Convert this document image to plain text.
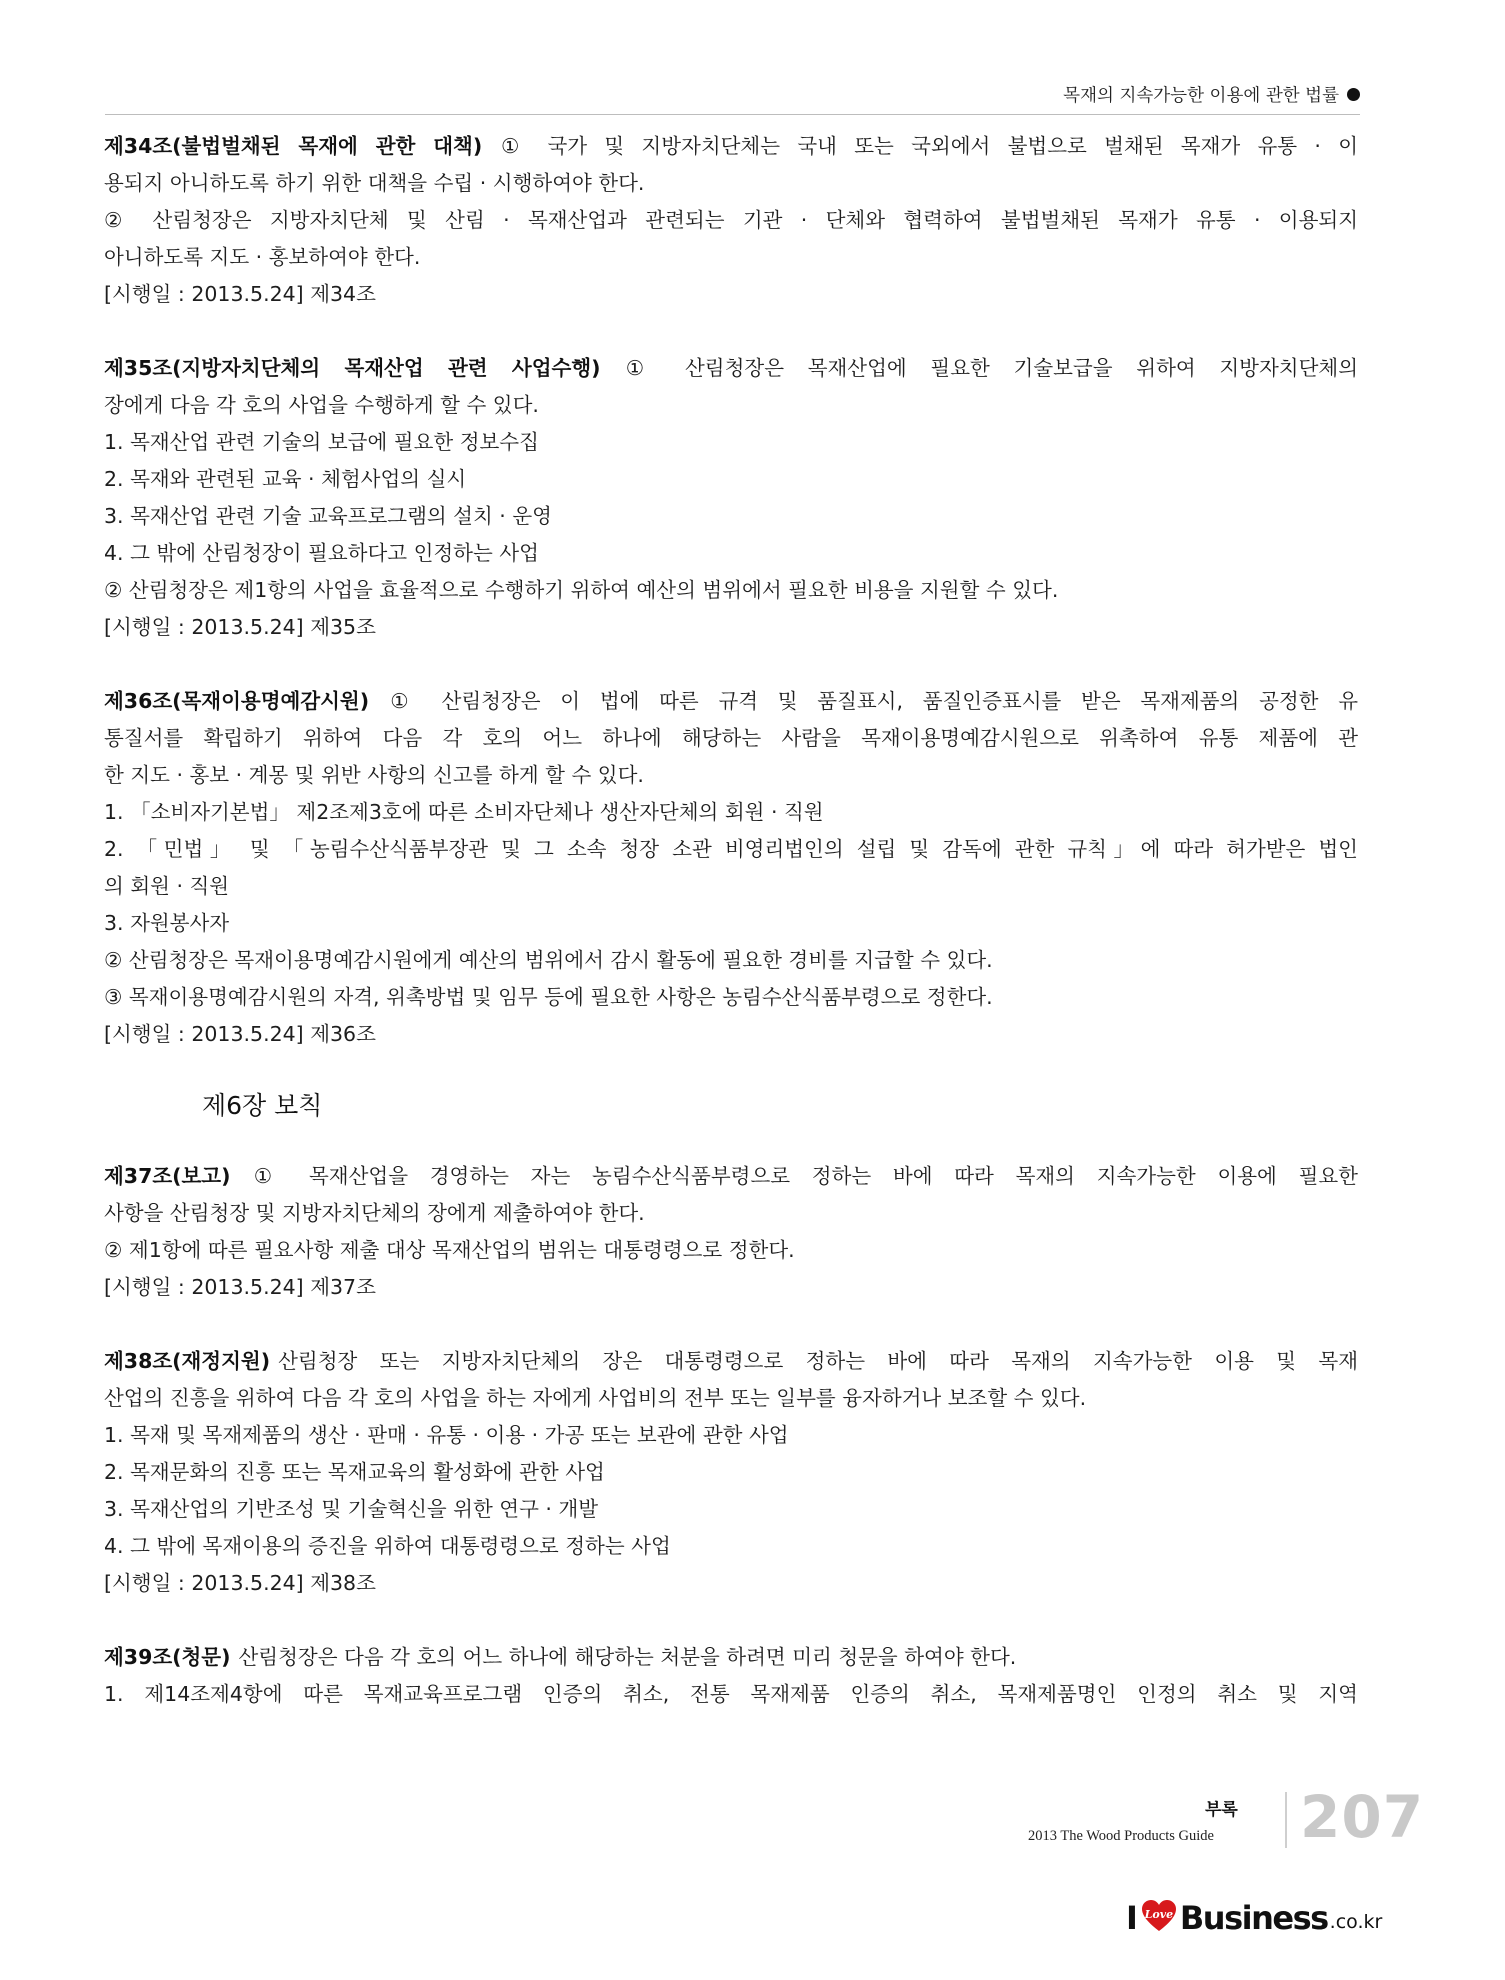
목재의 지속가능한 이용에 관한 법률
제34조(불법벌채된 목재에 관한 대책) ① 국가 및 지방자치단체는 국내 또는 국외에서 불법으로 벌채된 목재가 유통 · 이
용되지 아니하도록 하기 위한 대책을 수립 · 시행하여야 한다.
② 산림청장은 지방자치단체 및 산림 · 목재산업과 관련되는 기관 · 단체와 협력하여 불법벌채된 목재가 유통 · 이용되지
아니하도록 지도 · 홍보하여야 한다.
[시행일 : 2013.5.24] 제34조
제35조(지방자치단체의 목재산업 관련 사업수행) ① 산림청장은 목재산업에 필요한 기술보급을 위하여 지방자치단체의
장에게 다음 각 호의 사업을 수행하게 할 수 있다.
1. 목재산업 관련 기술의 보급에 필요한 정보수집
2. 목재와 관련된 교육 · 체험사업의 실시
3. 목재산업 관련 기술 교육프로그램의 설치 · 운영
4. 그 밖에 산림청장이 필요하다고 인정하는 사업
② 산림청장은 제1항의 사업을 효율적으로 수행하기 위하여 예산의 범위에서 필요한 비용을 지원할 수 있다.
[시행일 : 2013.5.24] 제35조
제36조(목재이용명예감시원) ① 산림청장은 이 법에 따른 규격 및 품질표시, 품질인증표시를 받은 목재제품의 공정한 유
통질서를 확립하기 위하여 다음 각 호의 어느 하나에 해당하는 사람을 목재이용명예감시원으로 위촉하여 유통 제품에 관
한 지도 · 홍보 · 계몽 및 위반 사항의 신고를 하게 할 수 있다.
1. 「소비자기본법」 제2조제3호에 따른 소비자단체나 생산자단체의 회원 · 직원
2. 「민법」 및 「농림수산식품부장관 및 그 소속 청장 소관 비영리법인의 설립 및 감독에 관한 규칙」에 따라 허가받은 법인
의 회원 · 직원
3. 자원봉사자
② 산림청장은 목재이용명예감시원에게 예산의 범위에서 감시 활동에 필요한 경비를 지급할 수 있다.
③ 목재이용명예감시원의 자격, 위촉방법 및 임무 등에 필요한 사항은 농림수산식품부령으로 정한다.
[시행일 : 2013.5.24] 제36조
제6장 보칙
제37조(보고) ① 목재산업을 경영하는 자는 농림수산식품부령으로 정하는 바에 따라 목재의 지속가능한 이용에 필요한
사항을 산림청장 및 지방자치단체의 장에게 제출하여야 한다.
② 제1항에 따른 필요사항 제출 대상 목재산업의 범위는 대통령령으로 정한다.
[시행일 : 2013.5.24] 제37조
제38조(재정지원) 산림청장 또는 지방자치단체의 장은 대통령령으로 정하는 바에 따라 목재의 지속가능한 이용 및 목재
산업의 진흥을 위하여 다음 각 호의 사업을 하는 자에게 사업비의 전부 또는 일부를 융자하거나 보조할 수 있다.
1. 목재 및 목재제품의 생산 · 판매 · 유통 · 이용 · 가공 또는 보관에 관한 사업
2. 목재문화의 진흥 또는 목재교육의 활성화에 관한 사업
3. 목재산업의 기반조성 및 기술혁신을 위한 연구 · 개발
4. 그 밖에 목재이용의 증진을 위하여 대통령령으로 정하는 사업
[시행일 : 2013.5.24] 제38조
제39조(청문) 산림청장은 다음 각 호의 어느 하나에 해당하는 처분을 하려면 미리 청문을 하여야 한다.
1. 제14조제4항에 따른 목재교육프로그램 인증의 취소, 전통 목재제품 인증의 취소, 목재제품명인 인정의 취소 및 지역
부록
2013 The Wood Products Guide 207
I Love Business .co.kr
